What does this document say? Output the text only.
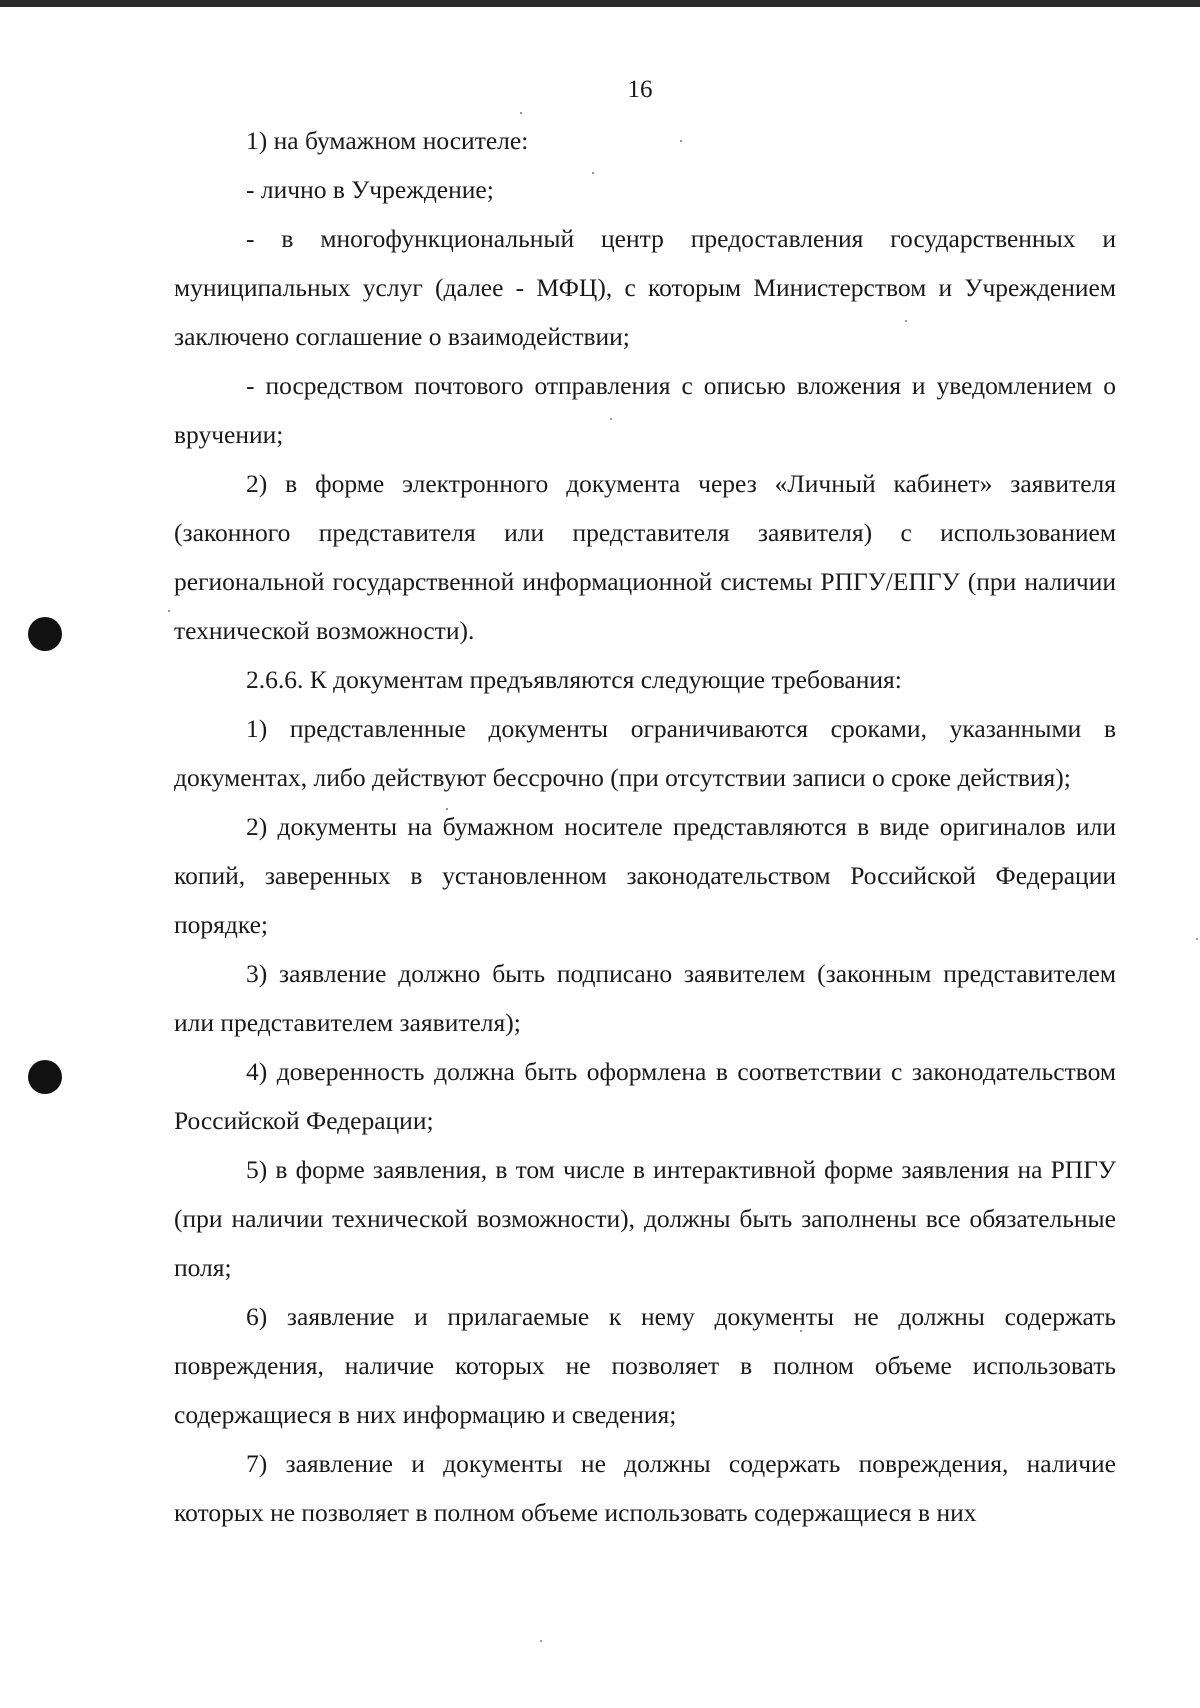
16

1) на бумажном носителе:

- лично в Учреждение;

- в многофункциональный центр предоставления государственных и муниципальных услуг (далее - МФЦ), с которым Министерством и Учреждением заключено соглашение о взаимодействии;

- посредством почтового отправления с описью вложения и уведомлением о вручении;

2) в форме электронного документа через «Личный кабинет» заявителя (законного представителя или представителя заявителя) с использованием региональной государственной информационной системы РПГУ/ЕПГУ (при наличии технической возможности).

2.6.6. К документам предъявляются следующие требования:

1) представленные документы ограничиваются сроками, указанными в документах, либо действуют бессрочно (при отсутствии записи о сроке действия);

2) документы на бумажном носителе представляются в виде оригиналов или копий, заверенных в установленном законодательством Российской Федерации порядке;

3) заявление должно быть подписано заявителем (законным представителем или представителем заявителя);

4) доверенность должна быть оформлена в соответствии с законодательством Российской Федерации;

5) в форме заявления, в том числе в интерактивной форме заявления на РПГУ (при наличии технической возможности), должны быть заполнены все обязательные поля;

6) заявление и прилагаемые к нему документы не должны содержать повреждения, наличие которых не позволяет в полном объеме использовать содержащиеся в них информацию и сведения;

7) заявление и документы не должны содержать повреждения, наличие которых не позволяет в полном объеме использовать содержащиеся в них
